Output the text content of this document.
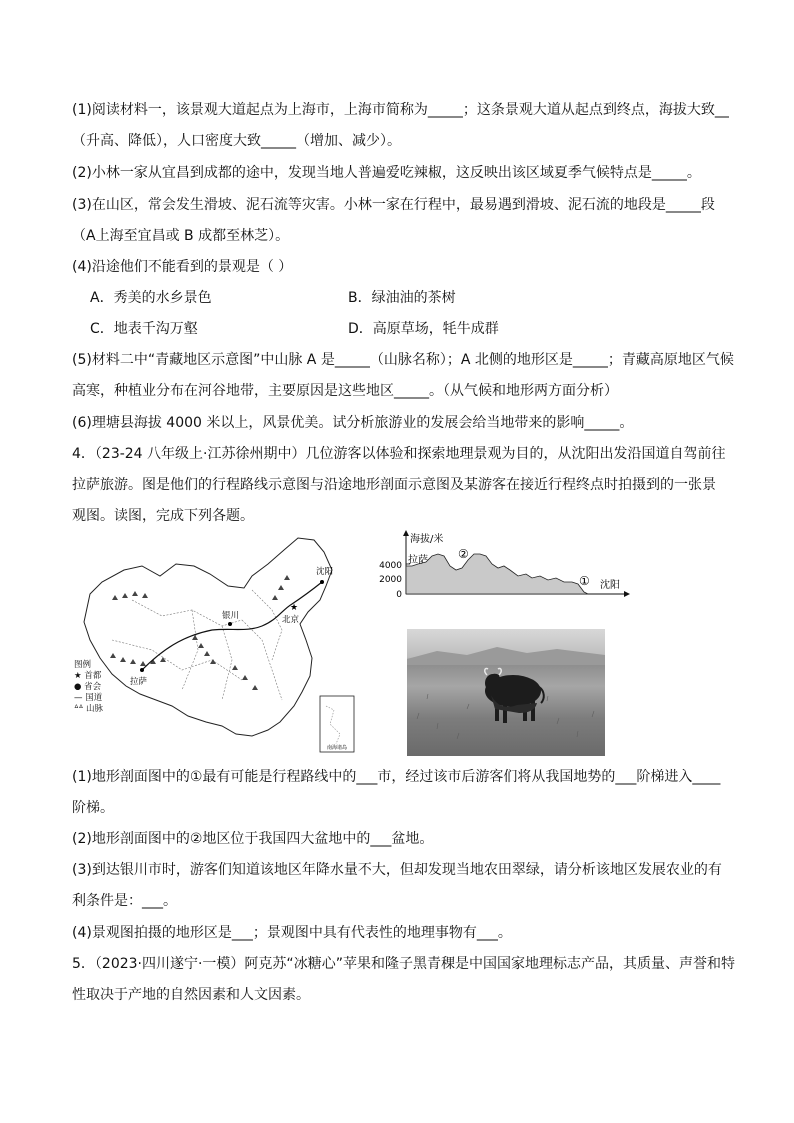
(1)阅读材料一，该景观大道起点为上海市，上海市简称为_____；这条景观大道从起点到终点，海拔大致__
（升高、降低），人口密度大致_____（增加、减少）。
(2)小林一家从宜昌到成都的途中，发现当地人普遍爱吃辣椒，这反映出该区域夏季气候特点是_____。
(3)在山区，常会发生滑坡、泥石流等灾害。小林一家在行程中，最易遇到滑坡、泥石流的地段是_____段
（A上海至宜昌或 B 成都至林芝）。
(4)沿途他们不能看到的景观是（ ）
A．秀美的水乡景色	B．绿油油的茶树
C．地表千沟万壑	D．高原草场，牦牛成群
(5)材料二中“青藏地区示意图”中山脉 A 是_____（山脉名称）；A 北侧的地形区是_____；青藏高原地区气候
高寒，种植业分布在河谷地带，主要原因是这些地区_____。（从气候和地形两方面分析）
(6)理塘县海拔 4000 米以上，风景优美。试分析旅游业的发展会给当地带来的影响_____。
4．（23-24 八年级上·江苏徐州期中）几位游客以体验和探索地理景观为目的，从沈阳出发沿国道自驾前往
拉萨旅游。图是他们的行程路线示意图与沿途地形剖面示意图及某游客在接近行程终点时拍摄到的一张景
观图。读图，完成下列各题。
★
拉萨
银川	北京
沈阳
南海诸岛
图例
★ 首都
● 省会
— 国道
ᐞᐞ 山脉
海拔/米
4000
2000
0
拉萨	②
① 沈阳
(1)地形剖面图中的①最有可能是行程路线中的___市，经过该市后游客们将从我国地势的___阶梯进入____
阶梯。
(2)地形剖面图中的②地区位于我国四大盆地中的___盆地。
(3)到达银川市时，游客们知道该地区年降水量不大，但却发现当地农田翠绿，请分析该地区发展农业的有
利条件是：___。
(4)景观图拍摄的地形区是___；景观图中具有代表性的地理事物有___。
5．（2023·四川遂宁·一模）阿克苏“冰糖心”苹果和隆子黑青稞是中国国家地理标志产品，其质量、声誉和特
性取决于产地的自然因素和人文因素。
